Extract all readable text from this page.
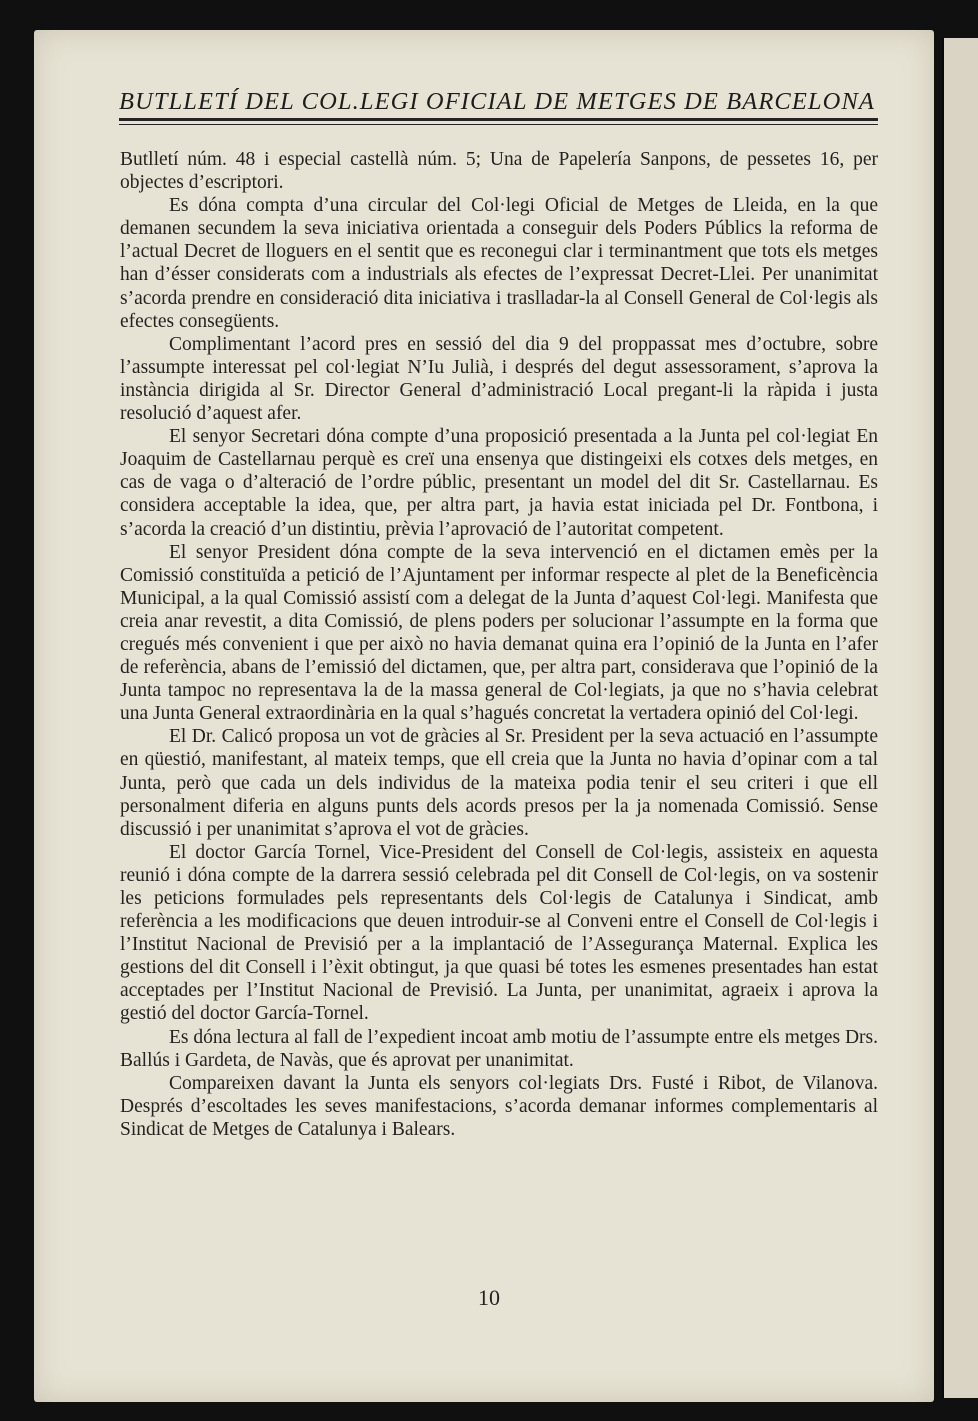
BUTLLETÍ DEL COL.LEGI OFICIAL DE METGES DE BARCELONA

Butlletí núm. 48 i especial castellà núm. 5; Una de Papelería Sanpons, de pessetes 16, per objectes d’escriptori.

Es dóna compta d’una circular del Col·legi Oficial de Metges de Lleida, en la que demanen secundem la seva iniciativa orientada a conseguir dels Poders Públics la reforma de l’actual Decret de lloguers en el sentit que es reconegui clar i terminantment que tots els metges han d’ésser considerats com a industrials als efectes de l’expressat Decret-Llei. Per unanimitat s’acorda prendre en consideració dita iniciativa i traslladar-la al Consell General de Col·legis als efectes consegüents.

Complimentant l’acord pres en sessió del dia 9 del proppassat mes d’octubre, sobre l’assumpte interessat pel col·legiat N’Iu Julià, i després del degut assessorament, s’aprova la instància dirigida al Sr. Director General d’administració Local pregant-li la ràpida i justa resolució d’aquest afer.

El senyor Secretari dóna compte d’una proposició presentada a la Junta pel col·legiat En Joaquim de Castellarnau perquè es creï una ensenya que distingeixi els cotxes dels metges, en cas de vaga o d’alteració de l’ordre públic, presentant un model del dit Sr. Castellarnau. Es considera acceptable la idea, que, per altra part, ja havia estat iniciada pel Dr. Fontbona, i s’acorda la creació d’un distintiu, prèvia l’aprovació de l’autoritat competent.

El senyor President dóna compte de la seva intervenció en el dictamen emès per la Comissió constituïda a petició de l’Ajuntament per informar respecte al plet de la Beneficència Municipal, a la qual Comissió assistí com a delegat de la Junta d’aquest Col·legi. Manifesta que creia anar revestit, a dita Comissió, de plens poders per solucionar l’assumpte en la forma que cregués més convenient i que per això no havia demanat quina era l’opinió de la Junta en l’afer de referència, abans de l’emissió del dictamen, que, per altra part, considerava que l’opinió de la Junta tampoc no representava la de la massa general de Col·legiats, ja que no s’havia celebrat una Junta General extraordinària en la qual s’hagués concretat la vertadera opinió del Col·legi.

El Dr. Calicó proposa un vot de gràcies al Sr. President per la seva actuació en l’assumpte en qüestió, manifestant, al mateix temps, que ell creia que la Junta no havia d’opinar com a tal Junta, però que cada un dels individus de la mateixa podia tenir el seu criteri i que ell personalment diferia en alguns punts dels acords presos per la ja nomenada Comissió. Sense discussió i per unanimitat s’aprova el vot de gràcies.

El doctor García Tornel, Vice-President del Consell de Col·legis, assisteix en aquesta reunió i dóna compte de la darrera sessió celebrada pel dit Consell de Col·legis, on va sostenir les peticions formulades pels representants dels Col·legis de Catalunya i Sindicat, amb referència a les modificacions que deuen introduir-se al Conveni entre el Consell de Col·legis i l’Institut Nacional de Previsió per a la implantació de l’Assegurança Maternal. Explica les gestions del dit Consell i l’èxit obtingut, ja que quasi bé totes les esmenes presentades han estat acceptades per l’Institut Nacional de Previsió. La Junta, per unanimitat, agraeix i aprova la gestió del doctor García-Tornel.

Es dóna lectura al fall de l’expedient incoat amb motiu de l’assumpte entre els metges Drs. Ballús i Gardeta, de Navàs, que és aprovat per unanimitat.

Compareixen davant la Junta els senyors col·legiats Drs. Fusté i Ribot, de Vilanova. Després d’escoltades les seves manifestacions, s’acorda demanar informes complementaris al Sindicat de Metges de Catalunya i Balears.

10
